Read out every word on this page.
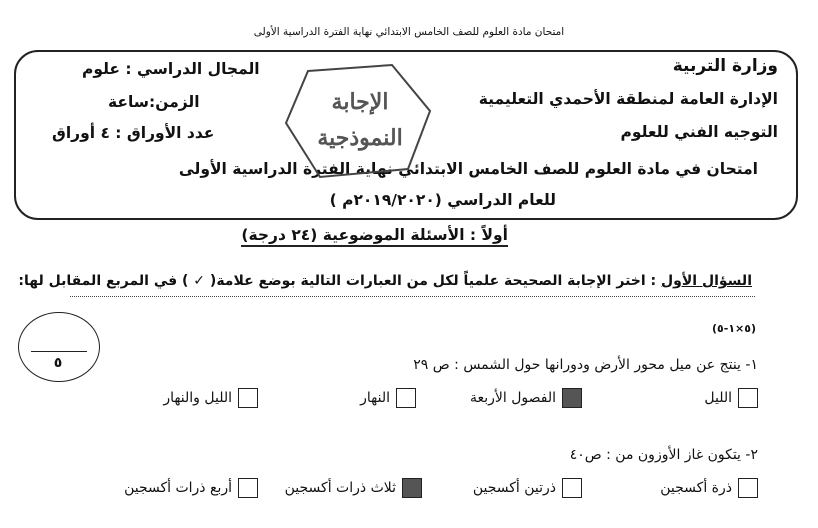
امتحان مادة العلوم للصف الخامس الابتدائي نهاية الفترة الدراسية الأولى
وزارة التربية
الإدارة العامة لمنطقة الأحمدي التعليمية
التوجيه الفني للعلوم
المجال الدراسي : علوم
الزمن:ساعة
عدد الأوراق : ٤ أوراق
امتحان في مادة العلوم للصف الخامس الابتدائي نهاية الفترة الدراسية الأولى
للعام الدراسي (٢٠١٩/٢٠٢٠م )
الإجابة
النموذجية
أولاً : الأسئلة الموضوعية (٢٤ درجة)
السؤال الأول : اختر الإجابة الصحيحة علمياً لكل من العبارات التالية بوضع علامة( ✓ ) في المربع المقابل لها:
(٥×١-٥)
٥	١- ينتج عن ميل محور الأرض ودورانها حول الشمس : ص ٢٩
الليل
الفصول الأربعة
النهار
الليل والنهار
٢- يتكون غاز الأوزون من : ص٤٠
ذرة أكسجين
ذرتين أكسجين
ثلاث ذرات أكسجين
أربع ذرات أكسجين
